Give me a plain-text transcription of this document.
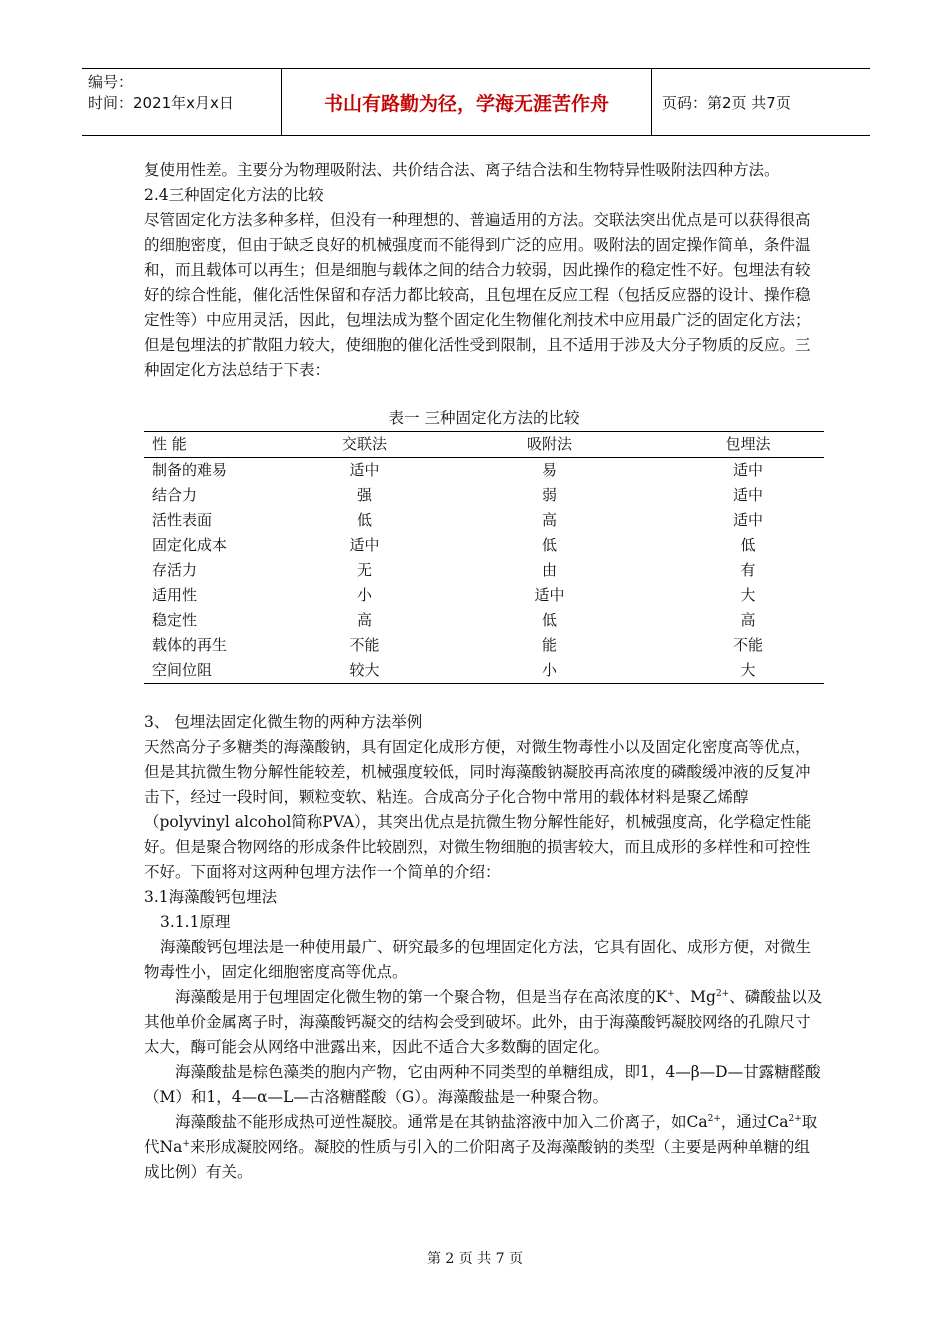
编号：
时间：2021年x月x日	书山有路勤为径，学海无涯苦作舟	页码：第2页 共7页

复使用性差。主要分为物理吸附法、共价结合法、离子结合法和生物特异性吸附法四种方法。

2.4三种固定化方法的比较

尽管固定化方法多种多样，但没有一种理想的、普遍适用的方法。交联法突出优点是可以获得很高的细胞密度，但由于缺乏良好的机械强度而不能得到广泛的应用。吸附法的固定操作简单，条件温和，而且载体可以再生；但是细胞与载体之间的结合力较弱，因此操作的稳定性不好。包埋法有较好的综合性能，催化活性保留和存活力都比较高，且包埋在反应工程（包括反应器的设计、操作稳定性等）中应用灵活，因此，包埋法成为整个固定化生物催化剂技术中应用最广泛的固定化方法；但是包埋法的扩散阻力较大，使细胞的催化活性受到限制，且不适用于涉及大分子物质的反应。三种固定化方法总结于下表：

表一 三种固定化方法的比较

性 能	交联法	吸附法	包埋法
制备的难易	适中	易	适中
结合力	强	弱	适中
活性表面	低	高	适中
固定化成本	适中	低	低
存活力	无	由	有
适用性	小	适中	大
稳定性	高	低	高
载体的再生	不能	能	不能
空间位阻	较大	小	大

3、 包埋法固定化微生物的两种方法举例

天然高分子多糖类的海藻酸钠，具有固定化成形方便，对微生物毒性小以及固定化密度高等优点，但是其抗微生物分解性能较差，机械强度较低，同时海藻酸钠凝胶再高浓度的磷酸缓冲液的反复冲击下，经过一段时间，颗粒变软、粘连。合成高分子化合物中常用的载体材料是聚乙烯醇（polyvinyl alcohol简称PVA），其突出优点是抗微生物分解性能好，机械强度高，化学稳定性能好。但是聚合物网络的形成条件比较剧烈，对微生物细胞的损害较大，而且成形的多样性和可控性不好。下面将对这两种包埋方法作一个简单的介绍：

3.1海藻酸钙包埋法

3.1.1原理

海藻酸钙包埋法是一种使用最广、研究最多的包埋固定化方法，它具有固化、成形方便，对微生物毒性小，固定化细胞密度高等优点。

海藻酸是用于包埋固定化微生物的第一个聚合物，但是当存在高浓度的K+、$Mg^{2+}$、磷酸盐以及其他单价金属离子时，海藻酸钙凝交的结构会受到破坏。此外，由于海藻酸钙凝胶网络的孔隙尺寸太大，酶可能会从网络中泄露出来，因此不适合大多数酶的固定化。

海藻酸盐是棕色藻类的胞内产物，它由两种不同类型的单糖组成，即1，4—β—D—甘露糖醛酸（M）和1，4—α—L—古洛糖醛酸（G）。海藻酸盐是一种聚合物。

海藻酸盐不能形成热可逆性凝胶。通常是在其钠盐溶液中加入二价离子，如$Ca^{2+}$，通过$Ca^{2+}$取代Na+来形成凝胶网络。凝胶的性质与引入的二价阳离子及海藻酸钠的类型（主要是两种单糖的组成比例）有关。

第 2 页 共 7 页
